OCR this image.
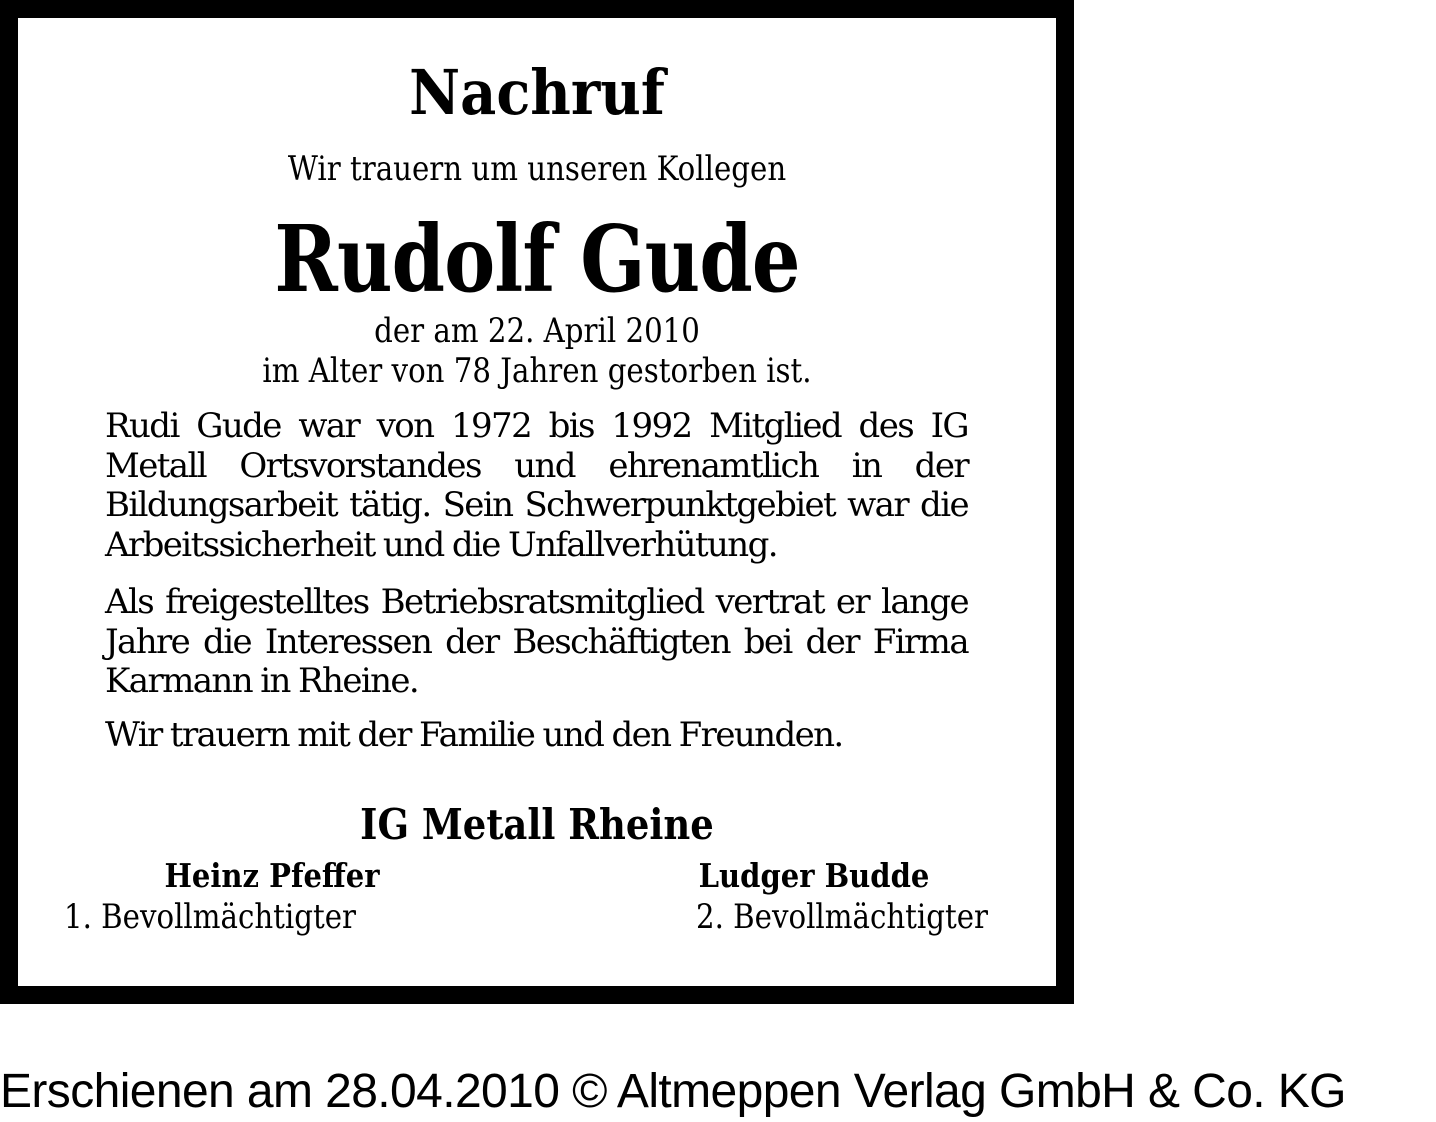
Nachruf
Wir trauern um unseren Kollegen
Rudolf Gude
der am 22. April 2010
im Alter von 78 Jahren gestorben ist.
Rudi Gude war von 1972 bis 1992 Mitglied des IG Metall Ortsvorstandes und ehrenamtlich in der Bildungsarbeit tätig. Sein Schwerpunktgebiet war die Arbeitssicherheit und die Unfallverhütung.
Als freigestelltes Betriebsratsmitglied vertrat er lange Jahre die Interessen der Beschäftigten bei der Firma Karmann in Rheine.
Wir trauern mit der Familie und den Freunden.
IG Metall Rheine
Heinz Pfeffer
1. Bevollmächtigter
Ludger Budde
2. Bevollmächtigter
Erschienen am 28.04.2010 © Altmeppen Verlag GmbH & Co. KG
